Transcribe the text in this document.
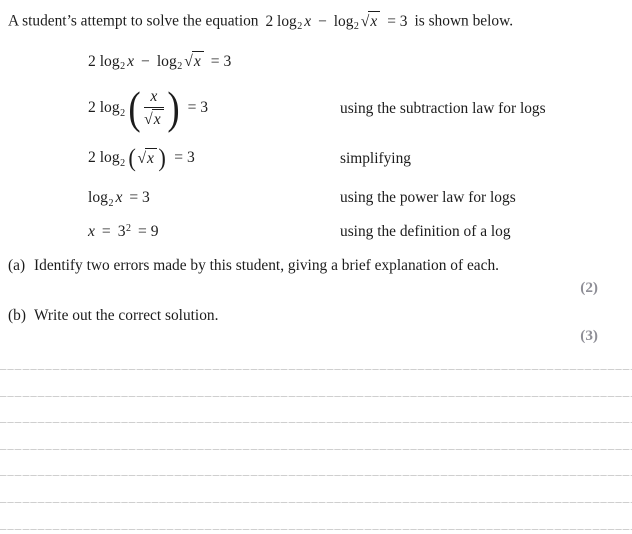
A student’s attempt to solve the equation 2 $\log_2 x - \log_2 √x = 3$ is shown below.
2 $\log_2 x - \log_2 √x = 3$
2 $\log_2$ ( $\frac{x}{√x}$ ) = 3
2 $\log_2$ ( √x ) = 3
$\log_2 x = 3$
$x = 3^2 = 9$
using the subtraction law for logs
simplifying
using the power law for logs
using the definition of a log
(a) Identify two errors made by this student, giving a brief explanation of each.
(2)
(b) Write out the correct solution.
(3)
